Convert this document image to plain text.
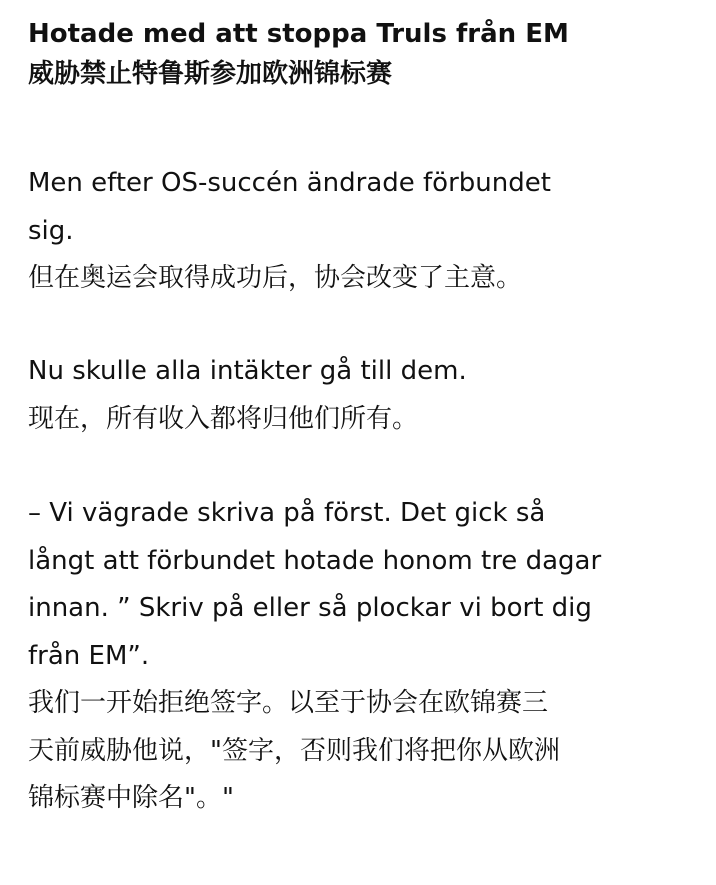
Hotade med att stoppa Truls från EM
威胁禁止特鲁斯参加欧洲锦标赛
Men efter OS-succén ändrade förbundet
sig.
但在奥运会取得成功后，协会改变了主意。
Nu skulle alla intäkter gå till dem.
现在，所有收入都将归他们所有。
– Vi vägrade skriva på först. Det gick så
långt att förbundet hotade honom tre dagar
innan. ” Skriv på eller så plockar vi bort dig
från EM”.
我们一开始拒绝签字。以至于协会在欧锦赛三
天前威胁他说，"签字，否则我们将把你从欧洲
锦标赛中除名"。"
